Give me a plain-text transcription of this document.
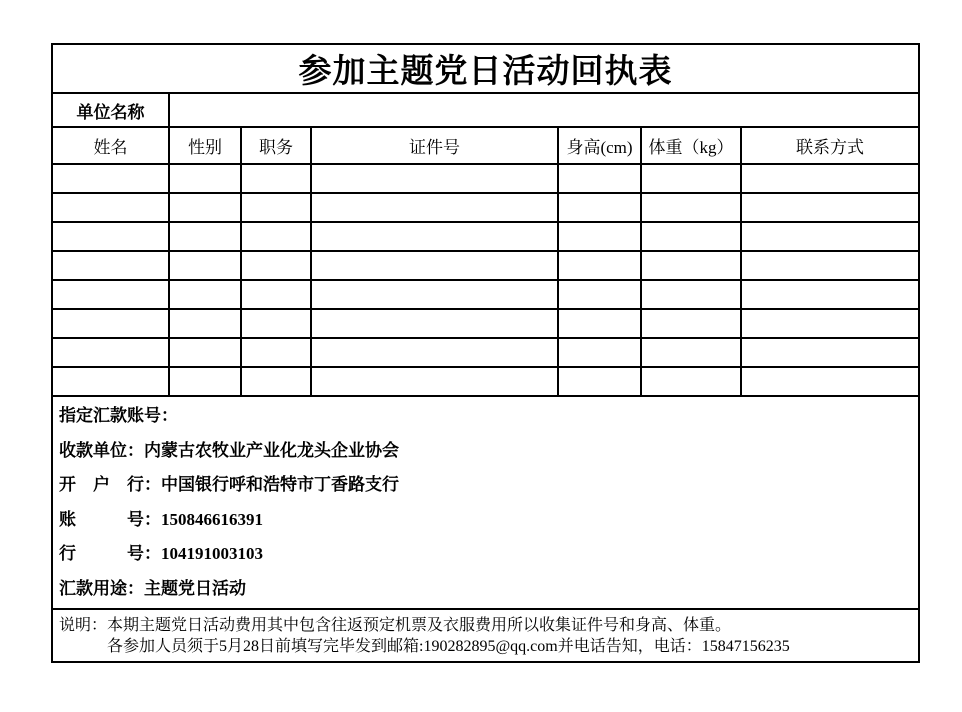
参加主题党日活动回执表						
单位名称						
姓名	性别	职务	证件号	身高(cm)	体重（kg）	联系方式

指定汇款账号：
收款单位：内蒙古农牧业产业化龙头企业协会
开　户　行：中国银行呼和浩特市丁香路支行
账　　　号：150846616391
行　　　号：104191003103
汇款用途：主题党日活动

说明：本期主题党日活动费用其中包含往返预定机票及衣服费用所以收集证件号和身高、体重。
各参加人员须于5月28日前填写完毕发到邮箱:190282895@qq.com并电话告知，电话：15847156235						
